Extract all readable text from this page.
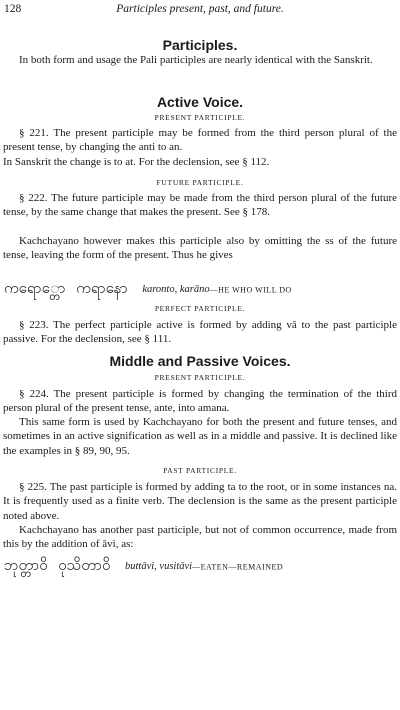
128	Participles present, past, and future.
Participles.
In both form and usage the Pali participles are nearly identical with the Sanskrit.
Active Voice.
PRESENT PARTICIPLE.
§ 221. The present participle may be formed from the third person plural of the present tense, by changing the anti to an.
In Sanskrit the change is to at. For the declension, see § 112.
FUTURE PARTICIPLE.
§ 222. The future participle may be made from the third person plural of the future tense, by the same change that makes the present. See § 178.
Kachchayano however makes this participle also by omitting the ss of the future tense, leaving the form of the present. Thus he gives
ကရော္တော ကရာနော karonto, karāno—HE WHO WILL DO
PERFECT PARTICIPLE.
§ 223. The perfect participle active is formed by adding vā to the past participle passive. For the declension, see § 111.
Middle and Passive Voices.
PRESENT PARTICIPLE.
§ 224. The present participle is formed by changing the termination of the third person plural of the present tense, ante, into amana.
This same form is used by Kachchayano for both the present and future tenses, and sometimes in an active signification as well as in a middle and passive. It is declined like the examples in § 89, 90, 95.
PAST PARTICIPLE.
§ 225. The past participle is formed by adding ta to the root, or in some instances na. It is frequently used as a finite verb. The declension is the same as the present participle noted above.
Kachchayano has another past participle, but not of common occurrence, made from this by the addition of āvi, as:
ဘုတ္တာဝိ ဝုသိတာဝိ buttāvi, vusitāvi—EATEN—REMAINED
